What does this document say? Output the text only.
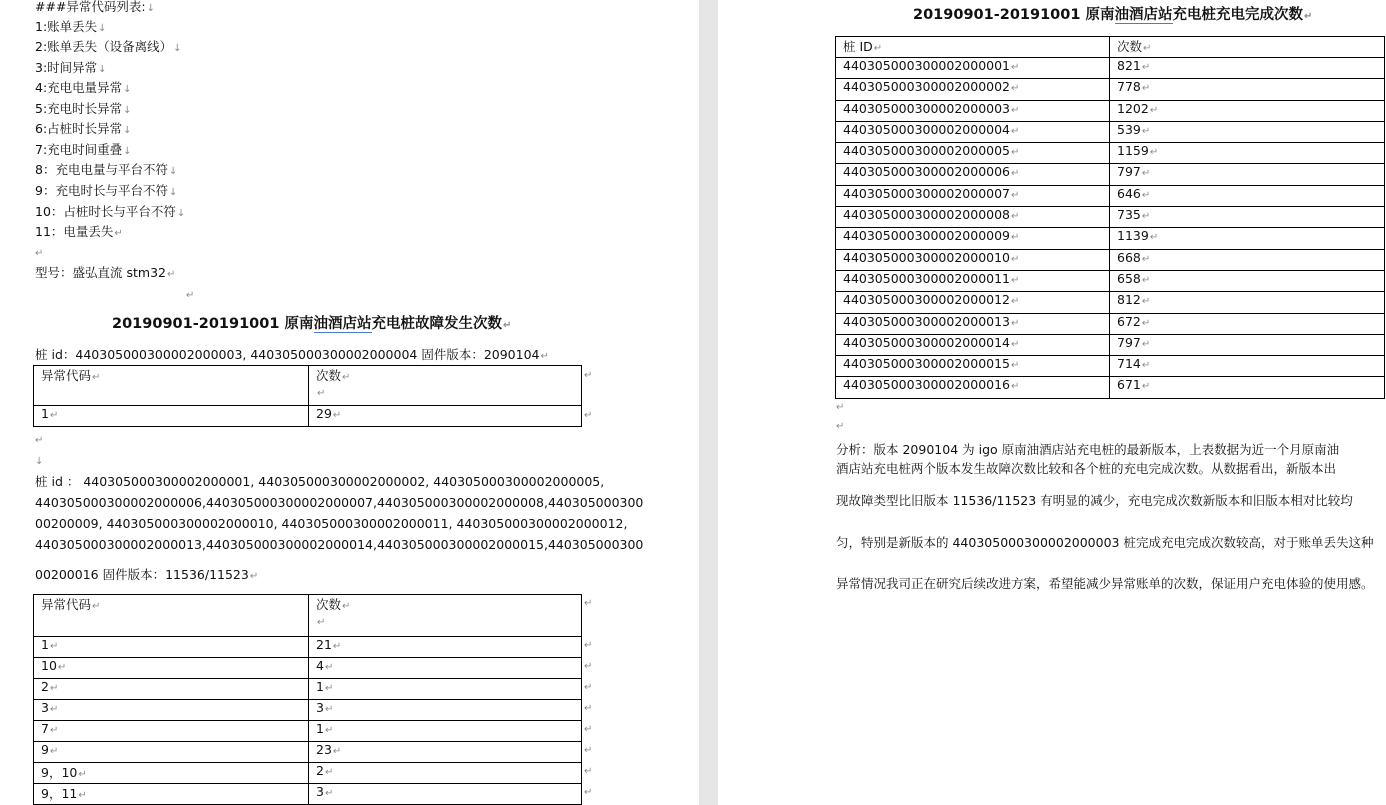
###异常代码列表:↓
1:账单丢失↓
2:账单丢失（设备离线）↓
3:时间异常↓
4:充电电量异常↓
5:充电时长异常↓
6:占桩时长异常↓
7:充电时间重叠↓
8：充电电量与平台不符↓
9：充电时长与平台不符↓
10：占桩时长与平台不符↓
11：电量丢失↵
↵
型号：盛弘直流 stm32↵
↵
20190901-20191001 原南油酒店站充电桩故障发生次数↵
桩 id：440305000300002000003, 440305000300002000004 固件版本：2090104↵
异常代码↵	次数↵
↵
1↵	29↵
↵
↵
↵
↓
桩 id ： 440305000300002000001, 440305000300002000002, 440305000300002000005,
440305000300002000006,440305000300002000007,440305000300002000008,440305000300
00200009, 440305000300002000010, 440305000300002000011, 440305000300002000012,
440305000300002000013,440305000300002000014,440305000300002000015,440305000300
00200016 固件版本：11536/11523↵
异常代码↵	次数↵
↵
1↵	21↵
10↵	4↵
2↵	1↵
3↵	3↵
7↵	1↵
9↵	23↵
9，10↵	2↵
9，11↵	3↵
↵
↵
↵
↵
↵
↵
↵
↵
↵
20190901-20191001 原南油酒店站充电桩充电完成次数↵
桩 ID↵	次数↵
440305000300002000001↵	821↵
440305000300002000002↵	778↵
440305000300002000003↵	1202↵
440305000300002000004↵	539↵
440305000300002000005↵	1159↵
440305000300002000006↵	797↵
440305000300002000007↵	646↵
440305000300002000008↵	735↵
440305000300002000009↵	1139↵
440305000300002000010↵	668↵
440305000300002000011↵	658↵
440305000300002000012↵	812↵
440305000300002000013↵	672↵
440305000300002000014↵	797↵
440305000300002000015↵	714↵
440305000300002000016↵	671↵
↵
↵
分析：版本 2090104 为 igo 原南油酒店站充电桩的最新版本，上表数据为近一个月原南油
酒店站充电桩两个版本发生故障次数比较和各个桩的充电完成次数。从数据看出，新版本出
现故障类型比旧版本 11536/11523 有明显的减少，充电完成次数新版本和旧版本相对比较均
匀，特别是新版本的 440305000300002000003 桩完成充电完成次数较高，对于账单丢失这种
异常情况我司正在研究后续改进方案，希望能减少异常账单的次数，保证用户充电体验的使用感。
